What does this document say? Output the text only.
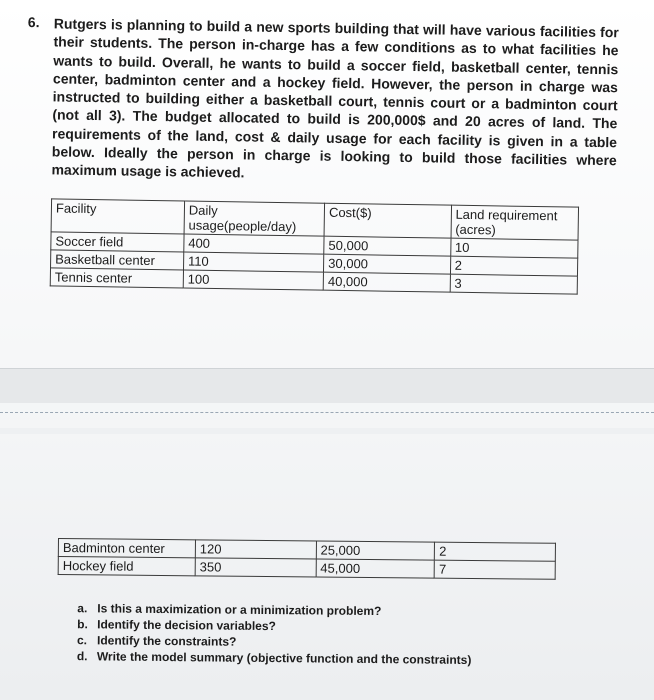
6. Rutgers is planning to build a new sports building that will have various facilities for their students. The person in-charge has a few conditions as to what facilities he wants to build. Overall, he wants to build a soccer field, basketball center, tennis center, badminton center and a hockey field. However, the person in charge was instructed to building either a basketball court, tennis court or a badminton court (not all 3). The budget allocated to build is 200,000$ and 20 acres of land. The requirements of the land, cost & daily usage for each facility is given in a table below. Ideally the person in charge is looking to build those facilities where maximum usage is achieved.
Facility	Daily usage(people/day)	Cost($)	Land requirement (acres)
Soccer field	400	50,000	10
Basketball center	110	30,000	2
Tennis center	100	40,000	3
Badminton center	120	25,000	2
Hockey field	350	45,000	7
a. Is this a maximization or a minimization problem?
b. Identify the decision variables?
c. Identify the constraints?
d. Write the model summary (objective function and the constraints)
